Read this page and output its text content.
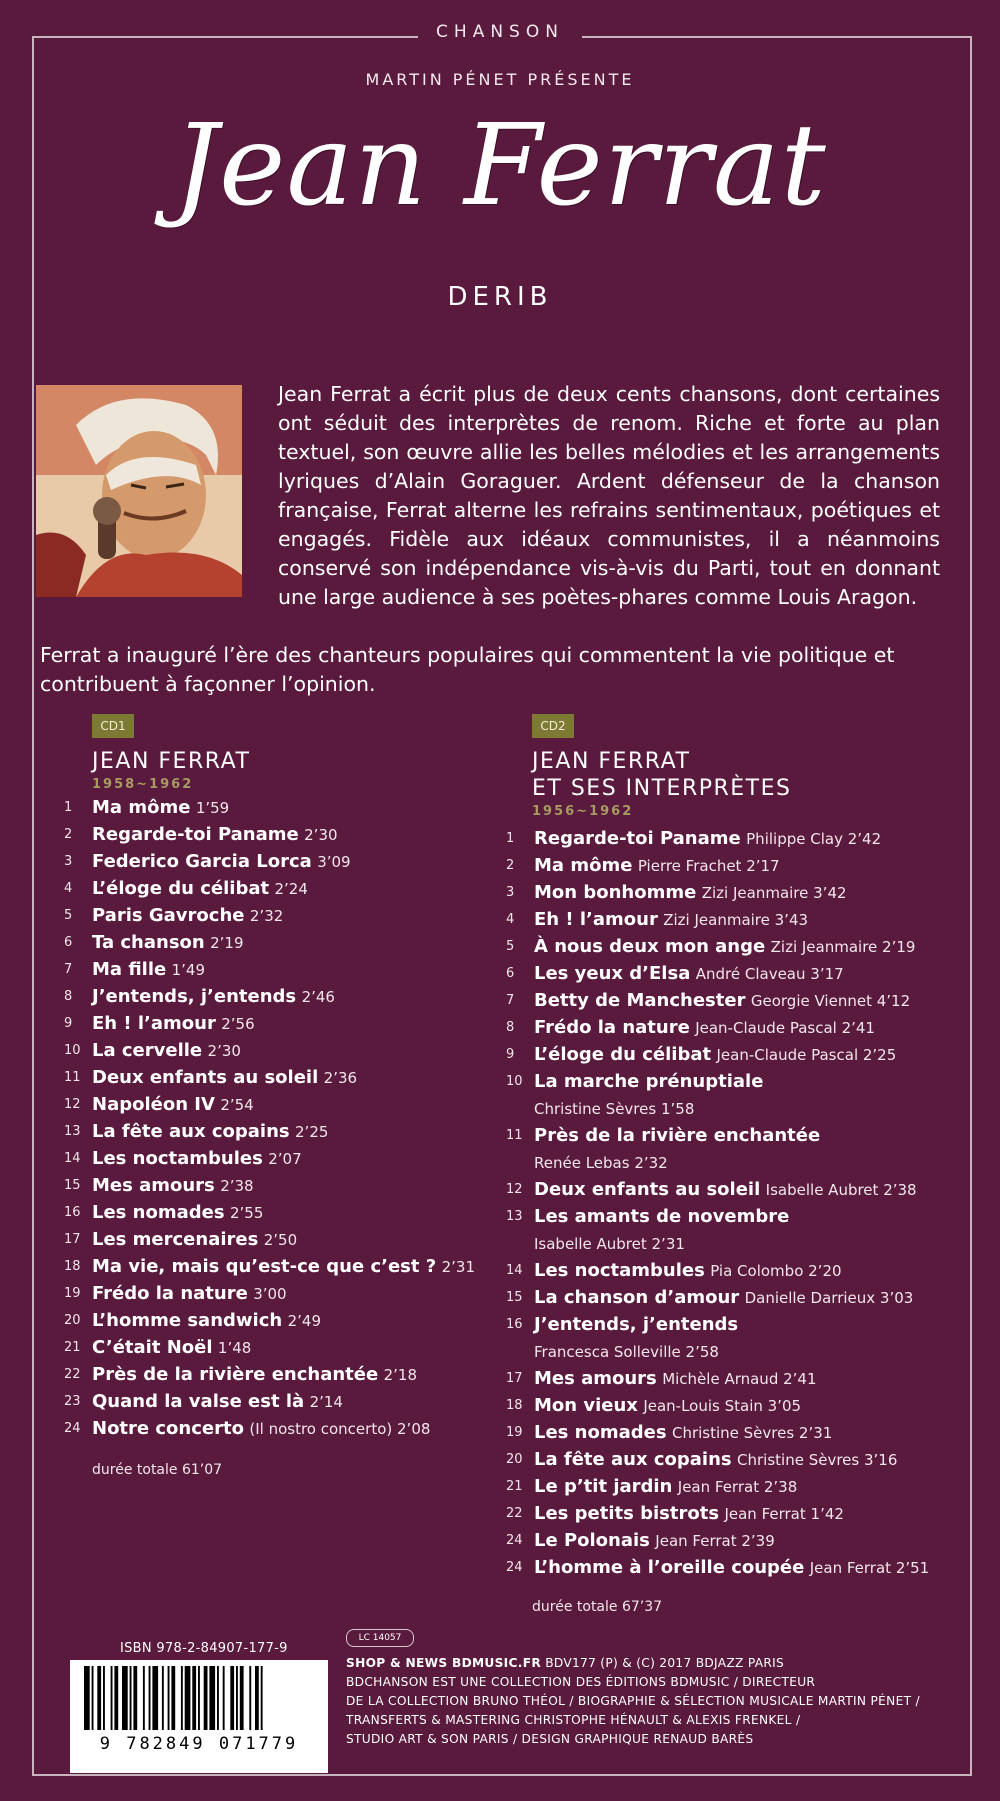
CHANSON
MARTIN PÉNET PRÉSENTE
Jean Ferrat
DERIB
Jean Ferrat a écrit plus de deux cents chansons, dont certaines ont séduit des interprètes de renom. Riche et forte au plan textuel, son œuvre allie les belles mélodies et les arrangements lyriques d’Alain Goraguer. Ardent défenseur de la chanson française, Ferrat alterne les refrains sentimentaux, poétiques et engagés. Fidèle aux idéaux communistes, il a néanmoins conservé son indépendance vis-à-vis du Parti, tout en donnant une large audience à ses poètes-phares comme Louis Aragon.
Ferrat a inauguré l’ère des chanteurs populaires qui commentent la vie politique et contribuent à façonner l’opinion.
CD1
JEAN FERRAT
1958~1962
1	Ma môme 1’59
2	Regarde-toi Paname 2’30
3	Federico Garcia Lorca 3’09
4	L’éloge du célibat 2’24
5	Paris Gavroche 2’32
6	Ta chanson 2’19
7	Ma fille 1’49
8	J’entends, j’entends 2’46
9	Eh ! l’amour 2’56
10 La cervelle 2’30
11 Deux enfants au soleil 2’36
12 Napoléon IV 2’54
13 La fête aux copains 2’25
14 Les noctambules 2’07
15 Mes amours 2’38
16 Les nomades 2’55
17 Les mercenaires 2’50
18 Ma vie, mais qu’est-ce que c’est ? 2’31
19 Frédo la nature 3’00
20 L’homme sandwich 2’49
21 C’était Noël 1’48
22 Près de la rivière enchantée 2’18
23 Quand la valse est là 2’14
24 Notre concerto (Il nostro concerto) 2’08
durée totale 61’07
CD2
JEAN FERRAT
ET SES INTERPRÈTES
1956~1962
1	Regarde-toi Paname Philippe Clay 2’42
2	Ma môme Pierre Frachet 2’17
3	Mon bonhomme Zizi Jeanmaire 3’42
4	Eh ! l’amour Zizi Jeanmaire 3’43
5	À nous deux mon ange Zizi Jeanmaire 2’19
6	Les yeux d’Elsa André Claveau 3’17
7	Betty de Manchester Georgie Viennet 4’12
8	Frédo la nature Jean-Claude Pascal 2’41
9	L’éloge du célibat Jean-Claude Pascal 2’25
10 La marche prénuptiale
Christine Sèvres 1’58
11 Près de la rivière enchantée
Renée Lebas 2’32
12 Deux enfants au soleil Isabelle Aubret 2’38
13 Les amants de novembre
Isabelle Aubret 2’31
14 Les noctambules Pia Colombo 2’20
15 La chanson d’amour Danielle Darrieux 3’03
16 J’entends, j’entends
Francesca Solleville 2’58
17 Mes amours Michèle Arnaud 2’41
18 Mon vieux Jean-Louis Stain 3’05
19 Les nomades Christine Sèvres 2’31
20 La fête aux copains Christine Sèvres 3’16
21 Le p’tit jardin Jean Ferrat 2’38
22 Les petits bistrots Jean Ferrat 1’42
24 Le Polonais Jean Ferrat 2’39
24 L’homme à l’oreille coupée Jean Ferrat 2’51
durée totale 67’37
ISBN 978-2-84907-177-9
9 782849 071779
LC 14057
SHOP & NEWS BDMUSIC.FR BDV177 (P) & (C) 2017 BDJAZZ PARIS
BDCHANSON EST UNE COLLECTION DES ÉDITIONS BDMUSIC / DIRECTEUR
DE LA COLLECTION BRUNO THÉOL / BIOGRAPHIE & SÉLECTION MUSICALE MARTIN PÉNET /
TRANSFERTS & MASTERING CHRISTOPHE HÉNAULT & ALEXIS FRENKEL /
STUDIO ART & SON PARIS / DESIGN GRAPHIQUE RENAUD BARÈS
